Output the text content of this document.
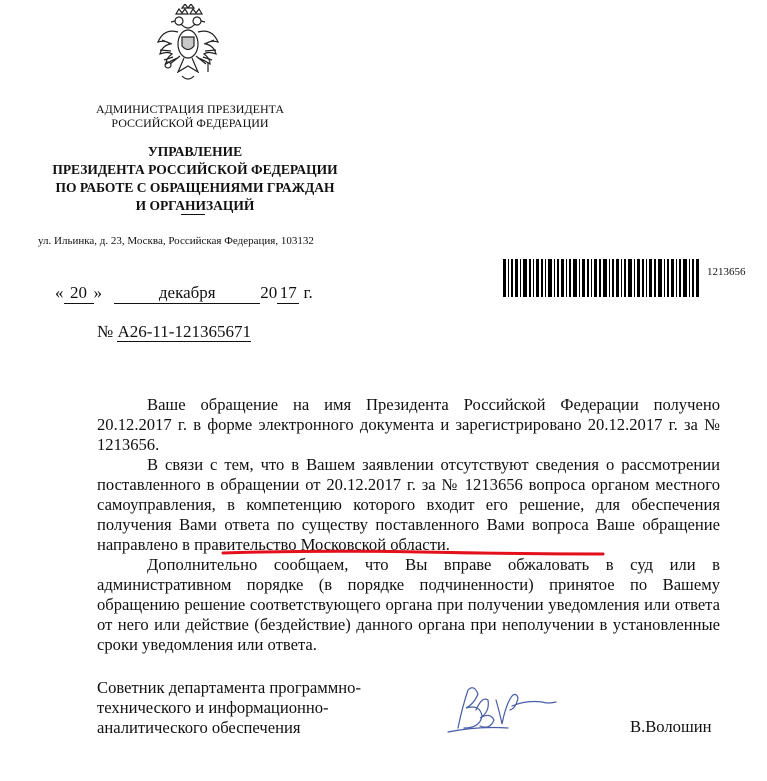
АДМИНИСТРАЦИЯ ПРЕЗИДЕНТА
РОССИЙСКОЙ ФЕДЕРАЦИИ
УПРАВЛЕНИЕ
ПРЕЗИДЕНТА РОССИЙСКОЙ ФЕДЕРАЦИИ
ПО РАБОТЕ С ОБРАЩЕНИЯМИ ГРАЖДАН
И ОРГАНИЗАЦИЙ
ул. Ильинка, д. 23, Москва, Российская Федерация, 103132
1213656
« 20 »	декабря	20 17 г.
№ А26-11-121365671

Ваше обращение на имя Президента Российской Федерации получено 20.12.2017 г. в форме электронного документа и зарегистрировано 20.12.2017 г. за № 1213656.

В связи с тем, что в Вашем заявлении отсутствуют сведения о рассмотрении поставленного в обращении от 20.12.2017 г. за № 1213656 вопроса органом местного самоуправления, в компетенцию которого входит его решение, для обеспечения получения Вами ответа по существу поставленного Вами вопроса Ваше обращение направлено в правительство Московской области.

Дополнительно сообщаем, что Вы вправе обжаловать в суд или в административном порядке (в порядке подчиненности) принятое по Вашему обращению решение соответствующего органа при получении уведомления или ответа от него или действие (бездействие) данного органа при неполучении в установленные сроки уведомления или ответа.

Советник департамента программно-
технического и информационно-
аналитического обеспечения	В.Волошин
